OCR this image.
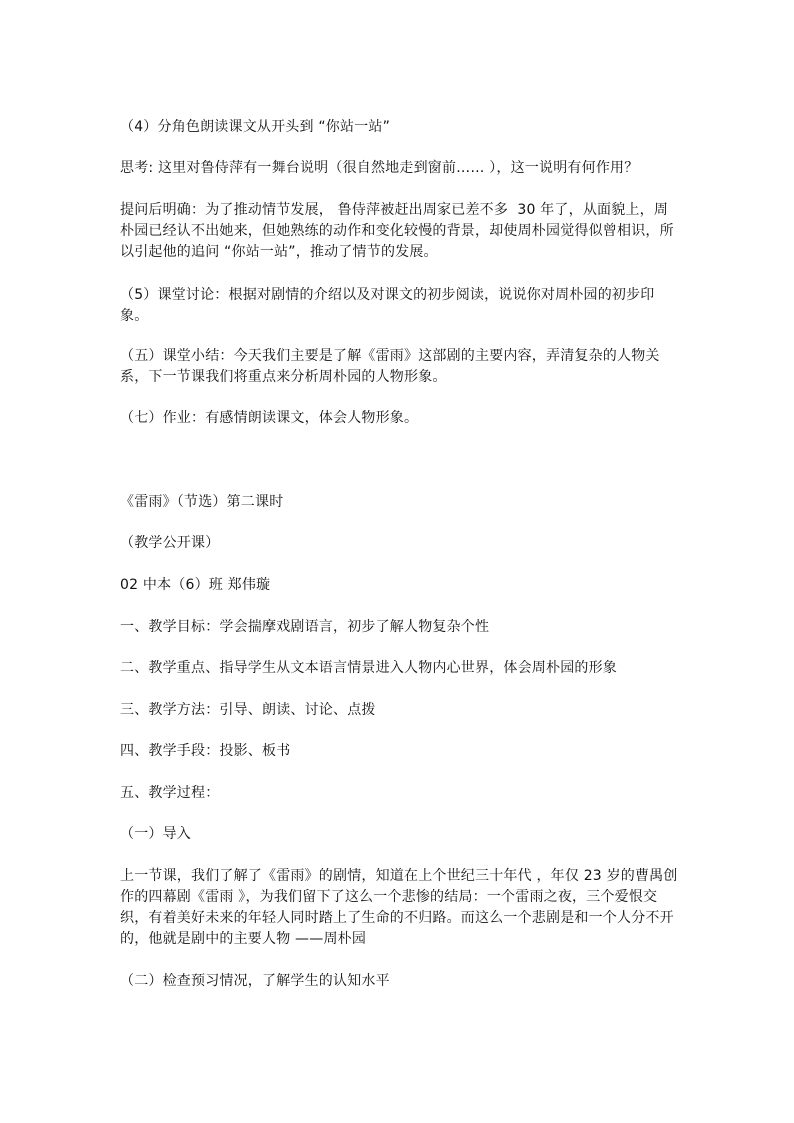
（4）分角色朗读课文从开头到 “你站一站”

思考: 这里对鲁侍萍有一舞台说明（很自然地走到窗前…… ），这一说明有何作用？

提问后明确：为了推动情节发展， 鲁侍萍被赶出周家已差不多  30 年了，从面貌上，周朴园已经认不出她来，但她熟练的动作和变化较慢的背景，却使周朴园觉得似曾相识，所以引起他的追问 “你站一站”，推动了情节的发展。

（5）课堂讨论：根据对剧情的介绍以及对课文的初步阅读，说说你对周朴园的初步印象。

（五）课堂小结：今天我们主要是了解《雷雨》这部剧的主要内容，弄清复杂的人物关系，下一节课我们将重点来分析周朴园的人物形象。

（七）作业：有感情朗读课文，体会人物形象。

《雷雨》（节选）第二课时

（教学公开课）

02 中本（6）班 郑伟璇

一、教学目标：学会揣摩戏剧语言，初步了解人物复杂个性

二、教学重点、指导学生从文本语言情景进入人物内心世界，体会周朴园的形象

三、教学方法：引导、朗读、讨论、点拨

四、教学手段：投影、板书

五、教学过程：

（一）导入

上一节课，我们了解了《雷雨》的剧情，知道在上个世纪三十年代 ，年仅 23 岁的曹禺创作的四幕剧《雷雨 》，为我们留下了这么一个悲惨的结局：一个雷雨之夜，三个爱恨交织，有着美好未来的年轻人同时踏上了生命的不归路。而这么一个悲剧是和一个人分不开的，他就是剧中的主要人物 ——周朴园

（二）检查预习情况，了解学生的认知水平
